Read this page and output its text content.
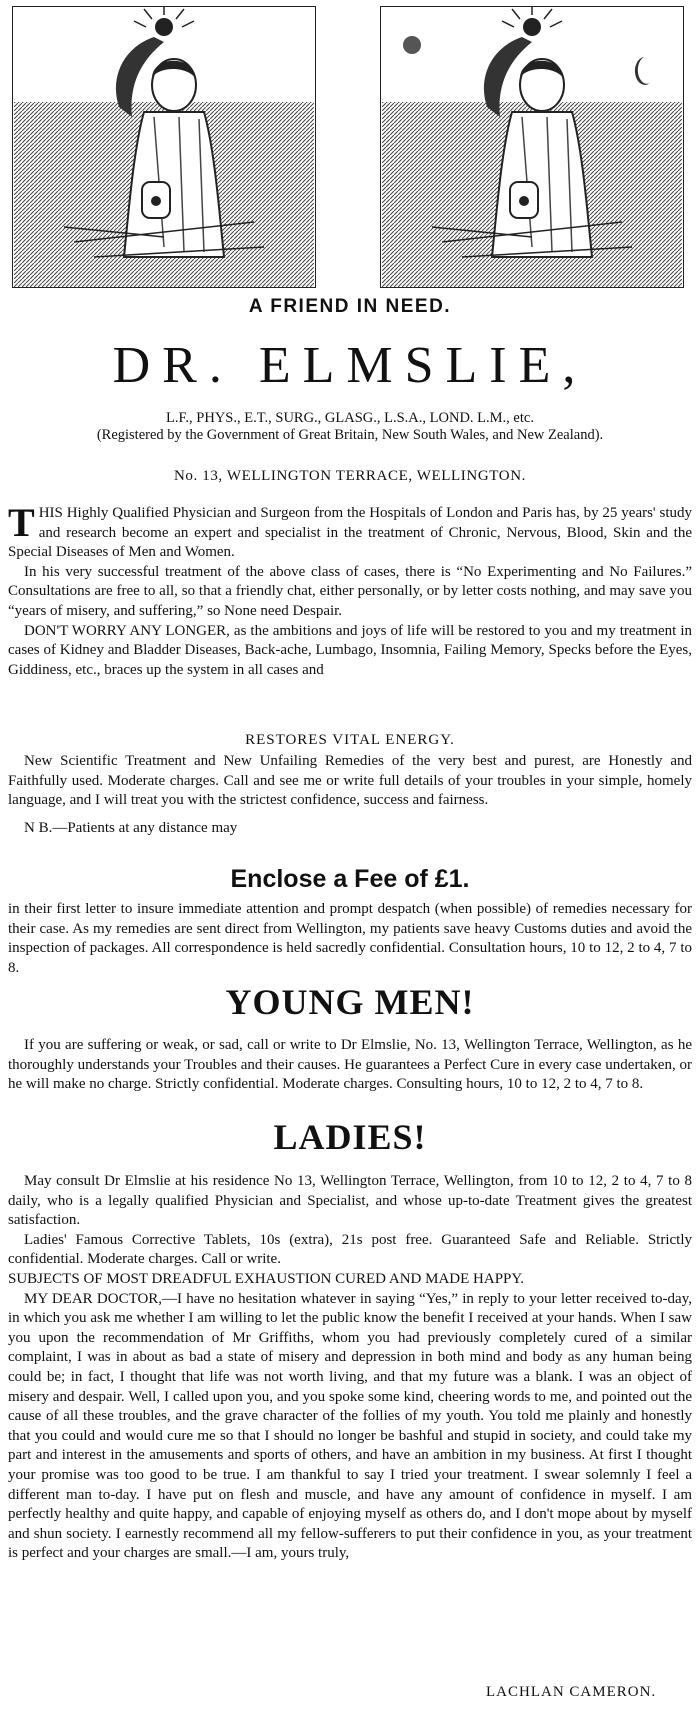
A FRIEND IN NEED.
DR. ELMSLIE,
L.F., PHYS., E.T., SURG., GLASG., L.S.A., LOND. L.M., etc.
(Registered by the Government of Great Britain, New South Wales, and New Zealand).
No. 13, WELLINGTON TERRACE, WELLINGTON.

THIS Highly Qualified Physician and Surgeon from the Hospitals of London and Paris has, by 25 years' study and research become an expert and specialist in the treatment of Chronic, Nervous, Blood, Skin and the Special Diseases of Men and Women.

In his very successful treatment of the above class of cases, there is “No Experimenting and No Failures.” Consultations are free to all, so that a friendly chat, either personally, or by letter costs nothing, and may save you “years of misery, and suffering,” so None need Despair.

DON'T WORRY ANY LONGER, as the ambitions and joys of life will be restored to you and my treatment in cases of Kidney and Bladder Diseases, Back-ache, Lumbago, Insomnia, Failing Memory, Specks before the Eyes, Giddiness, etc., braces up the system in all cases and

RESTORES VITAL ENERGY.

New Scientific Treatment and New Unfailing Remedies of the very best and purest, are Honestly and Faithfully used. Moderate charges. Call and see me or write full details of your troubles in your simple, homely language, and I will treat you with the strictest confidence, success and fairness.

N B.—Patients at any distance may

Enclose a Fee of £1.

in their first letter to insure immediate attention and prompt despatch (when possible) of remedies necessary for their case. As my remedies are sent direct from Wellington, my patients save heavy Customs duties and avoid the inspection of packages. All correspondence is held sacredly confidential. Consultation hours, 10 to 12, 2 to 4, 7 to 8.

YOUNG MEN!

If you are suffering or weak, or sad, call or write to Dr Elmslie, No. 13, Wellington Terrace, Wellington, as he thoroughly understands your Troubles and their causes. He guarantees a Perfect Cure in every case undertaken, or he will make no charge. Strictly confidential. Moderate charges. Consulting hours, 10 to 12, 2 to 4, 7 to 8.

LADIES!

May consult Dr Elmslie at his residence No 13, Wellington Terrace, Wellington, from 10 to 12, 2 to 4, 7 to 8 daily, who is a legally qualified Physician and Specialist, and whose up-to-date Treatment gives the greatest satisfaction.

Ladies' Famous Corrective Tablets, 10s (extra), 21s post free. Guaranteed Safe and Reliable. Strictly confidential. Moderate charges. Call or write.

SUBJECTS OF MOST DREADFUL EXHAUSTION CURED AND MADE HAPPY.

MY DEAR DOCTOR,—I have no hesitation whatever in saying “Yes,” in reply to your letter received to-day, in which you ask me whether I am willing to let the public know the benefit I received at your hands. When I saw you upon the recommendation of Mr Griffiths, whom you had previously completely cured of a similar complaint, I was in about as bad a state of misery and depression in both mind and body as any human being could be; in fact, I thought that life was not worth living, and that my future was a blank. I was an object of misery and despair. Well, I called upon you, and you spoke some kind, cheering words to me, and pointed out the cause of all these troubles, and the grave character of the follies of my youth. You told me plainly and honestly that you could and would cure me so that I should no longer be bashful and stupid in society, and could take my part and interest in the amusements and sports of others, and have an ambition in my business. At first I thought your promise was too good to be true. I am thankful to say I tried your treatment. I swear solemnly I feel a different man to-day. I have put on flesh and muscle, and have any amount of confidence in myself. I am perfectly healthy and quite happy, and capable of enjoying myself as others do, and I don't mope about by myself and shun society. I earnestly recommend all my fellow-sufferers to put their confidence in you, as your treatment is perfect and your charges are small.—I am, yours truly,

LACHLAN CAMERON.
